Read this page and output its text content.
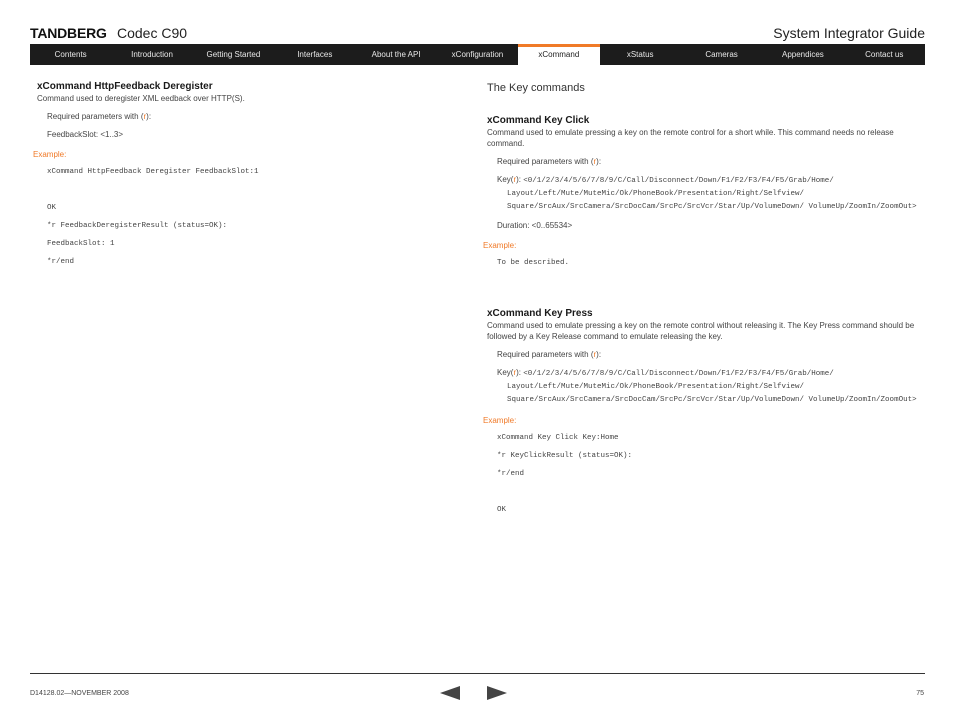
TANDBERG Codec C90	System Integrator Guide
Contents	Introduction	Getting Started	Interfaces	About the API	xConfiguration	xCommand	xStatus	Cameras	Appendices	Contact us
xCommand HttpFeedback Deregister
Command used to deregister XML eedback over HTTP(S).
Required parameters with (r):
FeedbackSlot: <1..3>
Example:
xCommand HttpFeedback Deregister FeedbackSlot:1
OK
*r FeedbackDeregisterResult (status=OK):
FeedbackSlot: 1
*r/end
The Key commands
xCommand Key Click
Command used to emulate pressing a key on the remote control for a short while. This command needs no release command.
Required parameters with (r):
Key(r): <0/1/2/3/4/5/6/7/8/9/C/Call/Disconnect/Down/F1/F2/F3/F4/F5/Grab/Home/ Layout/Left/Mute/MuteMic/Ok/PhoneBook/Presentation/Right/Selfview/ Square/SrcAux/SrcCamera/SrcDocCam/SrcPc/SrcVcr/Star/Up/VolumeDown/ VolumeUp/ZoomIn/ZoomOut>
Duration: <0..65534>
Example:
To be described.
xCommand Key Press
Command used to emulate pressing a key on the remote control without releasing it. The Key Press command should be followed by a Key Release command to emulate releasing the key.
Required parameters with (r):
Key(r): <0/1/2/3/4/5/6/7/8/9/C/Call/Disconnect/Down/F1/F2/F3/F4/F5/Grab/Home/ Layout/Left/Mute/MuteMic/Ok/PhoneBook/Presentation/Right/Selfview/ Square/SrcAux/SrcCamera/SrcDocCam/SrcPc/SrcVcr/Star/Up/VolumeDown/ VolumeUp/ZoomIn/ZoomOut>
Example:
xCommand Key Click Key:Home
*r KeyClickResult (status=OK):
*r/end
OK
D14128.02—NOVEMBER 2008	75
